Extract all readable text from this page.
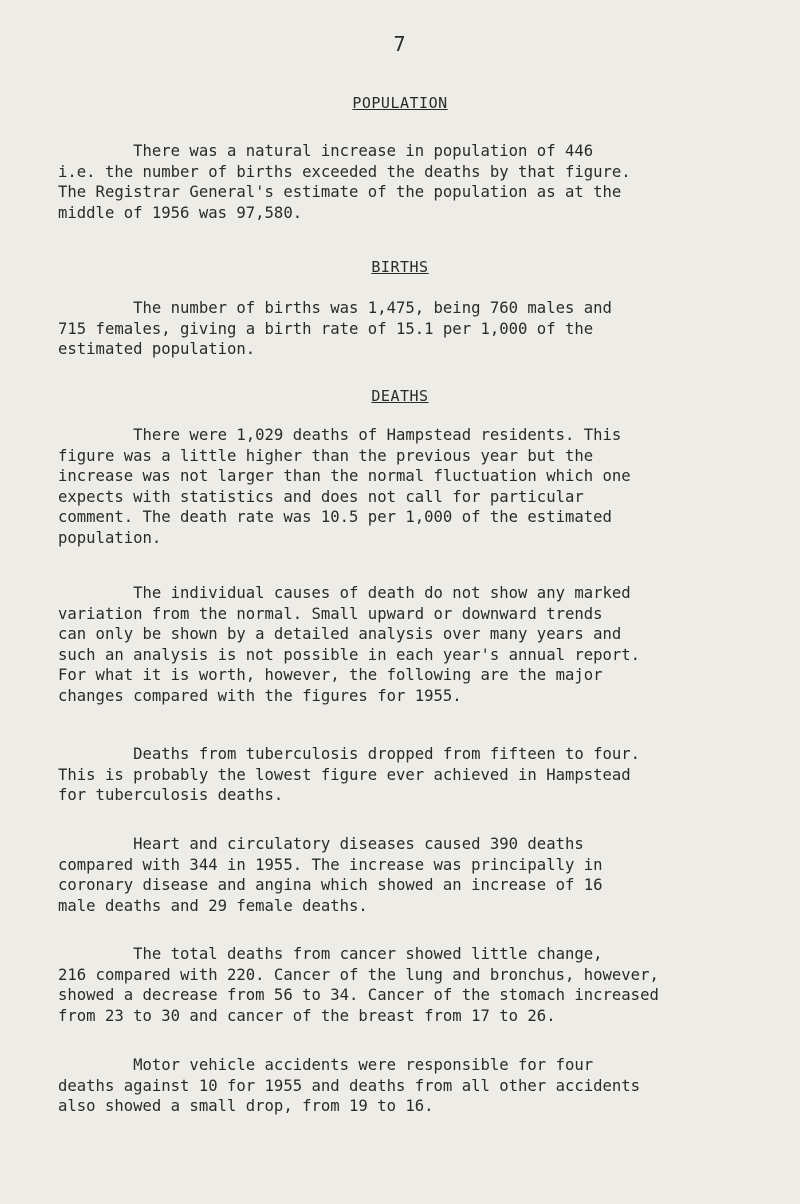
7
POPULATION

There was a natural increase in population of 446
i.e. the number of births exceeded the deaths by that figure.
The Registrar General's estimate of the population as at the
middle of 1956 was 97,580.

BIRTHS

The number of births was 1,475, being 760 males and
715 females, giving a birth rate of 15.1 per 1,000 of the
estimated population.

DEATHS

There were 1,029 deaths of Hampstead residents. This
figure was a little higher than the previous year but the
increase was not larger than the normal fluctuation which one
expects with statistics and does not call for particular
comment. The death rate was 10.5 per 1,000 of the estimated
population.

The individual causes of death do not show any marked
variation from the normal. Small upward or downward trends
can only be shown by a detailed analysis over many years and
such an analysis is not possible in each year's annual report.
For what it is worth, however, the following are the major
changes compared with the figures for 1955.

Deaths from tuberculosis dropped from fifteen to four.
This is probably the lowest figure ever achieved in Hampstead
for tuberculosis deaths.

Heart and circulatory diseases caused 390 deaths
compared with 344 in 1955. The increase was principally in
coronary disease and angina which showed an increase of 16
male deaths and 29 female deaths.

The total deaths from cancer showed little change,
216 compared with 220. Cancer of the lung and bronchus, however,
showed a decrease from 56 to 34. Cancer of the stomach increased
from 23 to 30 and cancer of the breast from 17 to 26.

Motor vehicle accidents were responsible for four
deaths against 10 for 1955 and deaths from all other accidents
also showed a small drop, from 19 to 16.
